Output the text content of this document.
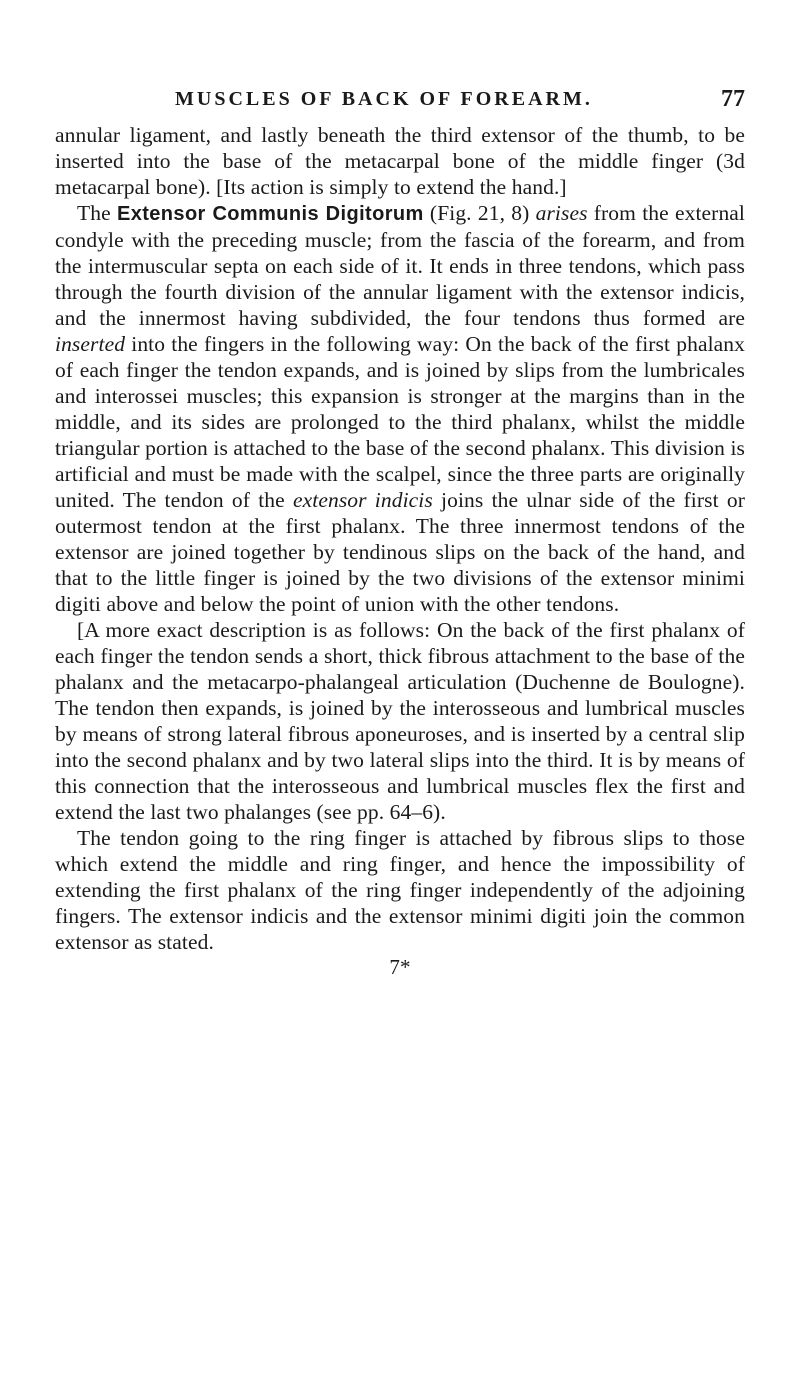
MUSCLES OF BACK OF FOREARM.	77

annular ligament, and lastly beneath the third extensor of the thumb, to be inserted into the base of the metacarpal bone of the middle finger (3d metacarpal bone). [Its action is simply to extend the hand.]

The Extensor Communis Digitorum (Fig. 21, 8) arises from the external condyle with the preceding muscle; from the fascia of the forearm, and from the intermuscular septa on each side of it. It ends in three tendons, which pass through the fourth division of the annular ligament with the extensor indicis, and the innermost having subdivided, the four tendons thus formed are inserted into the fingers in the following way: On the back of the first phalanx of each finger the tendon expands, and is joined by slips from the lumbricales and interossei muscles; this expansion is stronger at the margins than in the middle, and its sides are prolonged to the third phalanx, whilst the middle triangular portion is attached to the base of the second phalanx. This division is artificial and must be made with the scalpel, since the three parts are originally united. The tendon of the extensor indicis joins the ulnar side of the first or outermost tendon at the first phalanx. The three innermost tendons of the extensor are joined together by tendinous slips on the back of the hand, and that to the little finger is joined by the two divisions of the extensor minimi digiti above and below the point of union with the other tendons.

[A more exact description is as follows: On the back of the first phalanx of each finger the tendon sends a short, thick fibrous attachment to the base of the phalanx and the metacarpo-phalangeal articulation (Duchenne de Boulogne). The tendon then expands, is joined by the interosseous and lumbrical muscles by means of strong lateral fibrous aponeuroses, and is inserted by a central slip into the second phalanx and by two lateral slips into the third. It is by means of this connection that the interosseous and lumbrical muscles flex the first and extend the last two phalanges (see pp. 64–6).

The tendon going to the ring finger is attached by fibrous slips to those which extend the middle and ring finger, and hence the impossibility of extending the first phalanx of the ring finger independently of the adjoining fingers. The extensor indicis and the extensor minimi digiti join the common extensor as stated.

7*
